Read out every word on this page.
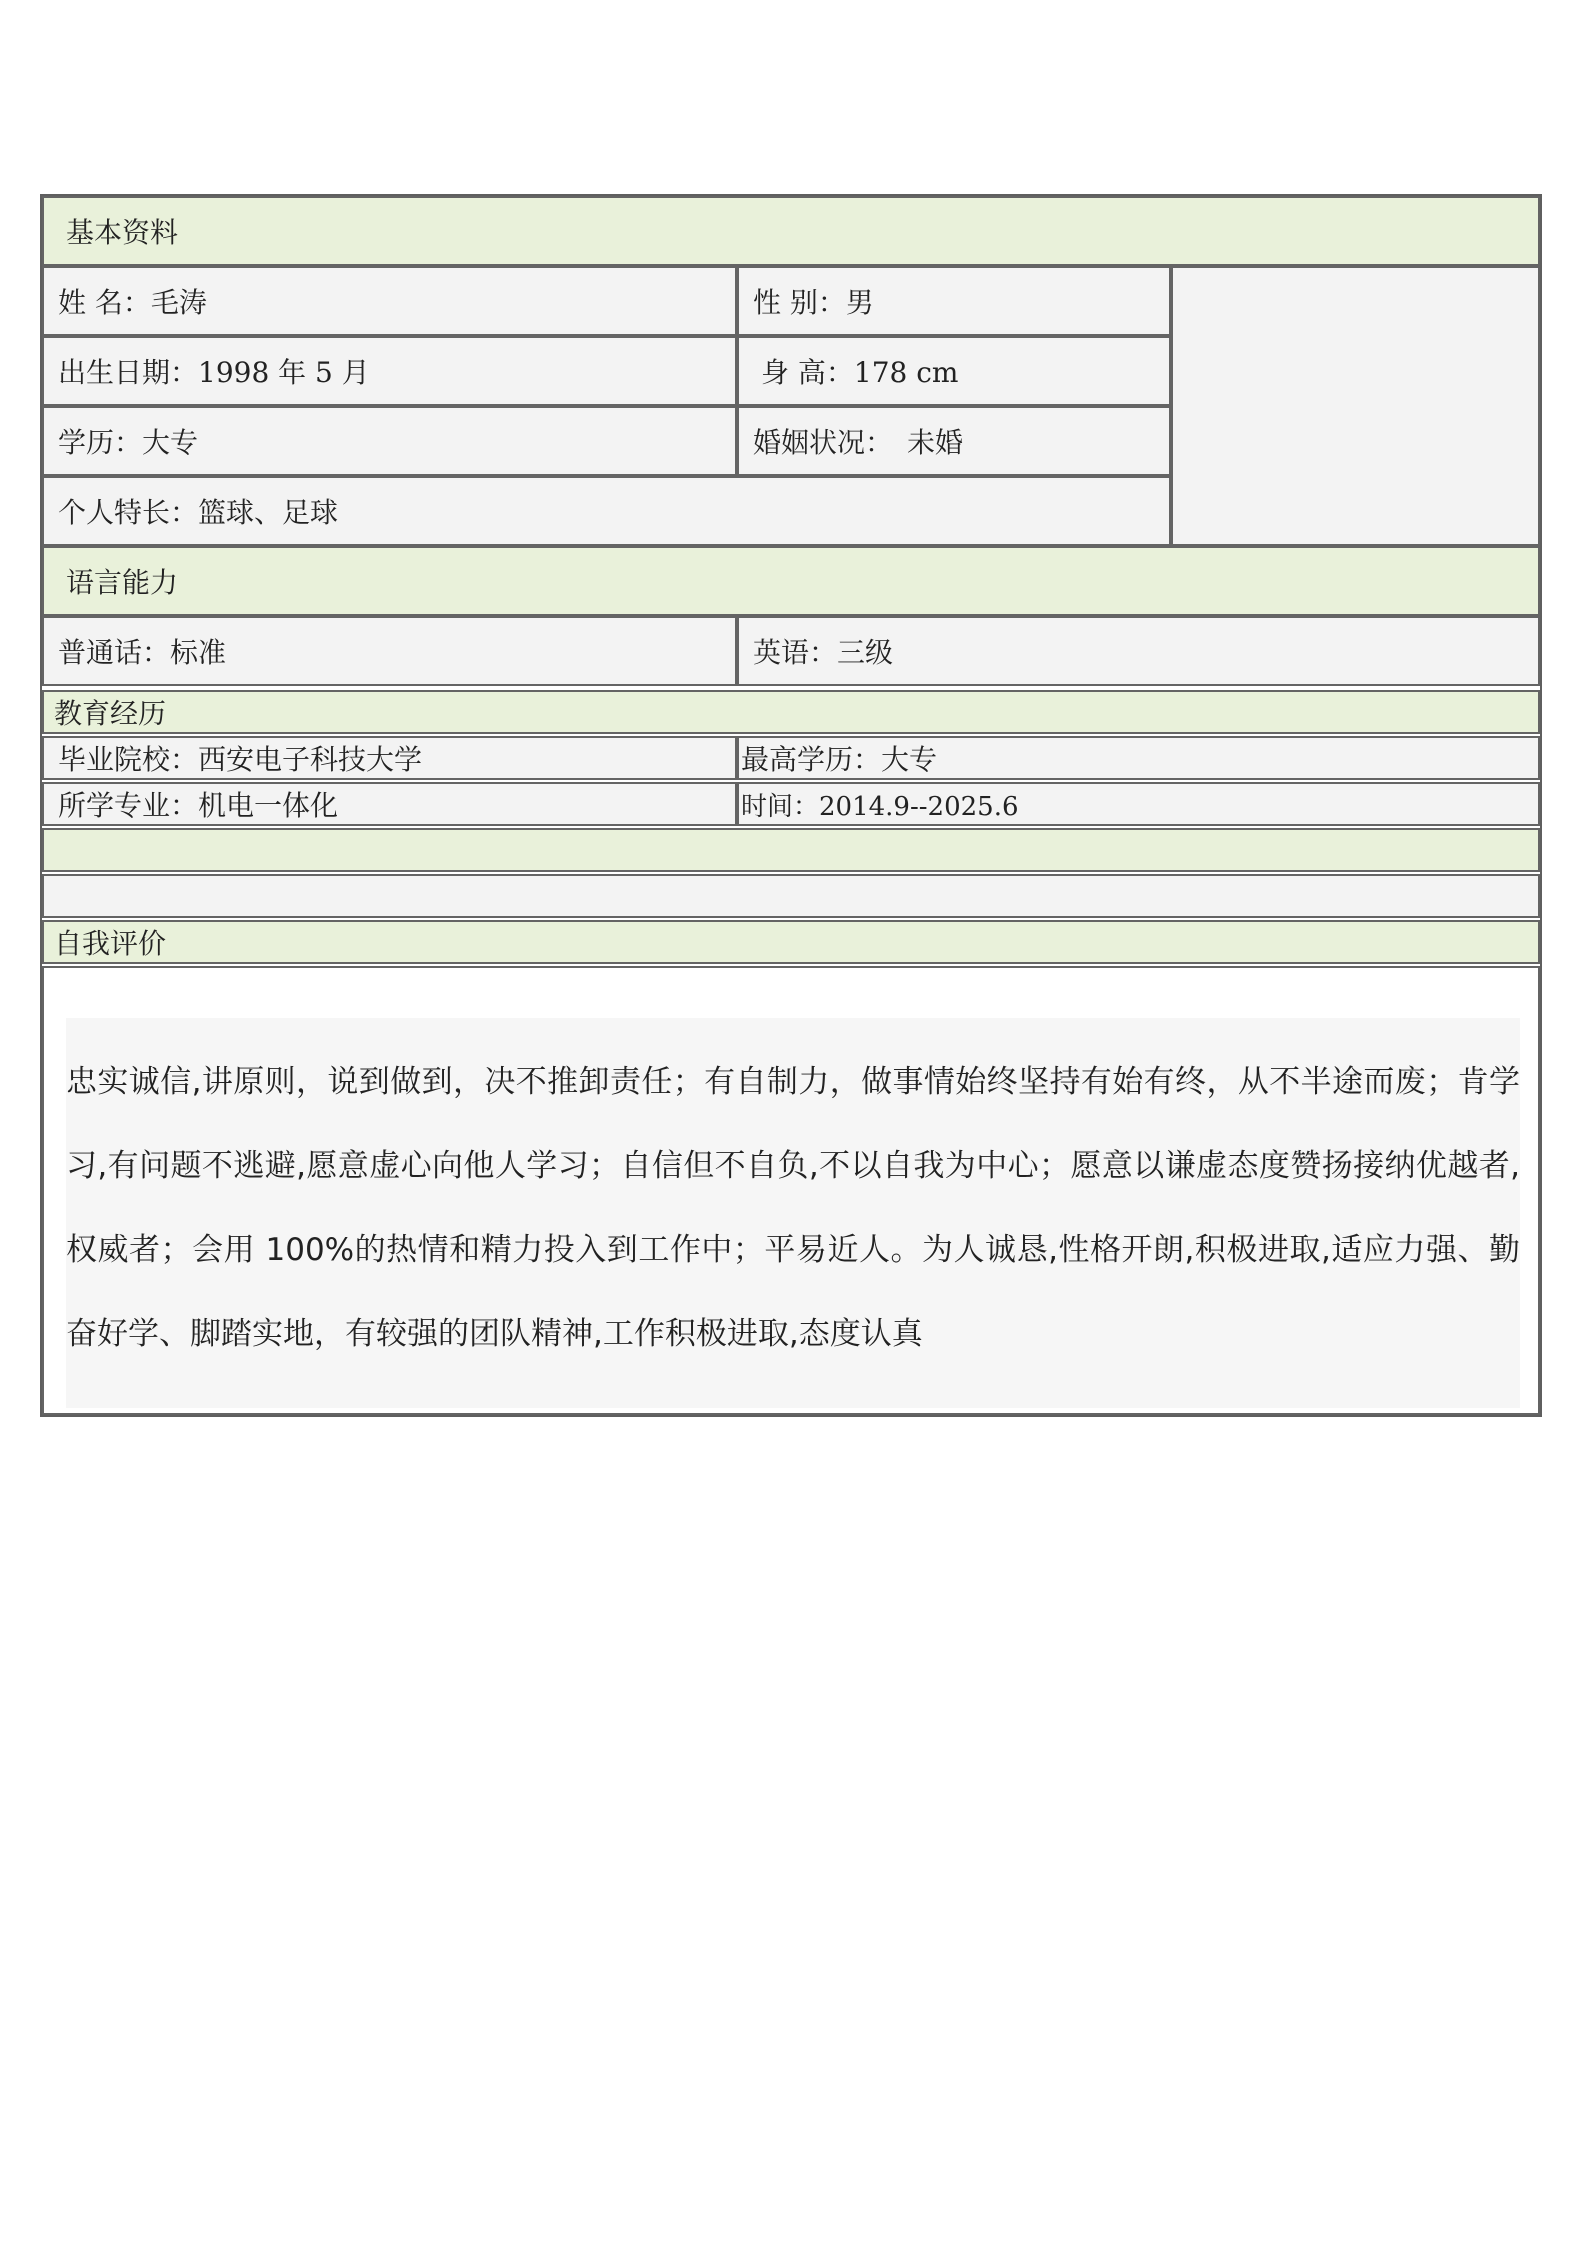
基本资料
姓 名：毛涛	性 别：男
出生日期：1998 年 5 月	身 高：178 cm
学历：大专	婚姻状况：　未婚
个人特长：篮球、足球
语言能力
普通话：标准	英语：三级
教育经历
毕业院校：西安电子科技大学	最高学历：大专
所学专业：机电一体化	时间：2014.9--2025.6
自我评价
忠实诚信,讲原则，说到做到，决不推卸责任；有自制力，做事情始终坚持有始有终，从不半途而废；肯学习,有问题不逃避,愿意虚心向他人学习；自信但不自负,不以自我为中心；愿意以谦虚态度赞扬接纳优越者,权威者；会用 100%的热情和精力投入到工作中；平易近人。为人诚恳,性格开朗,积极进取,适应力强、勤奋好学、脚踏实地，有较强的团队精神,工作积极进取,态度认真
